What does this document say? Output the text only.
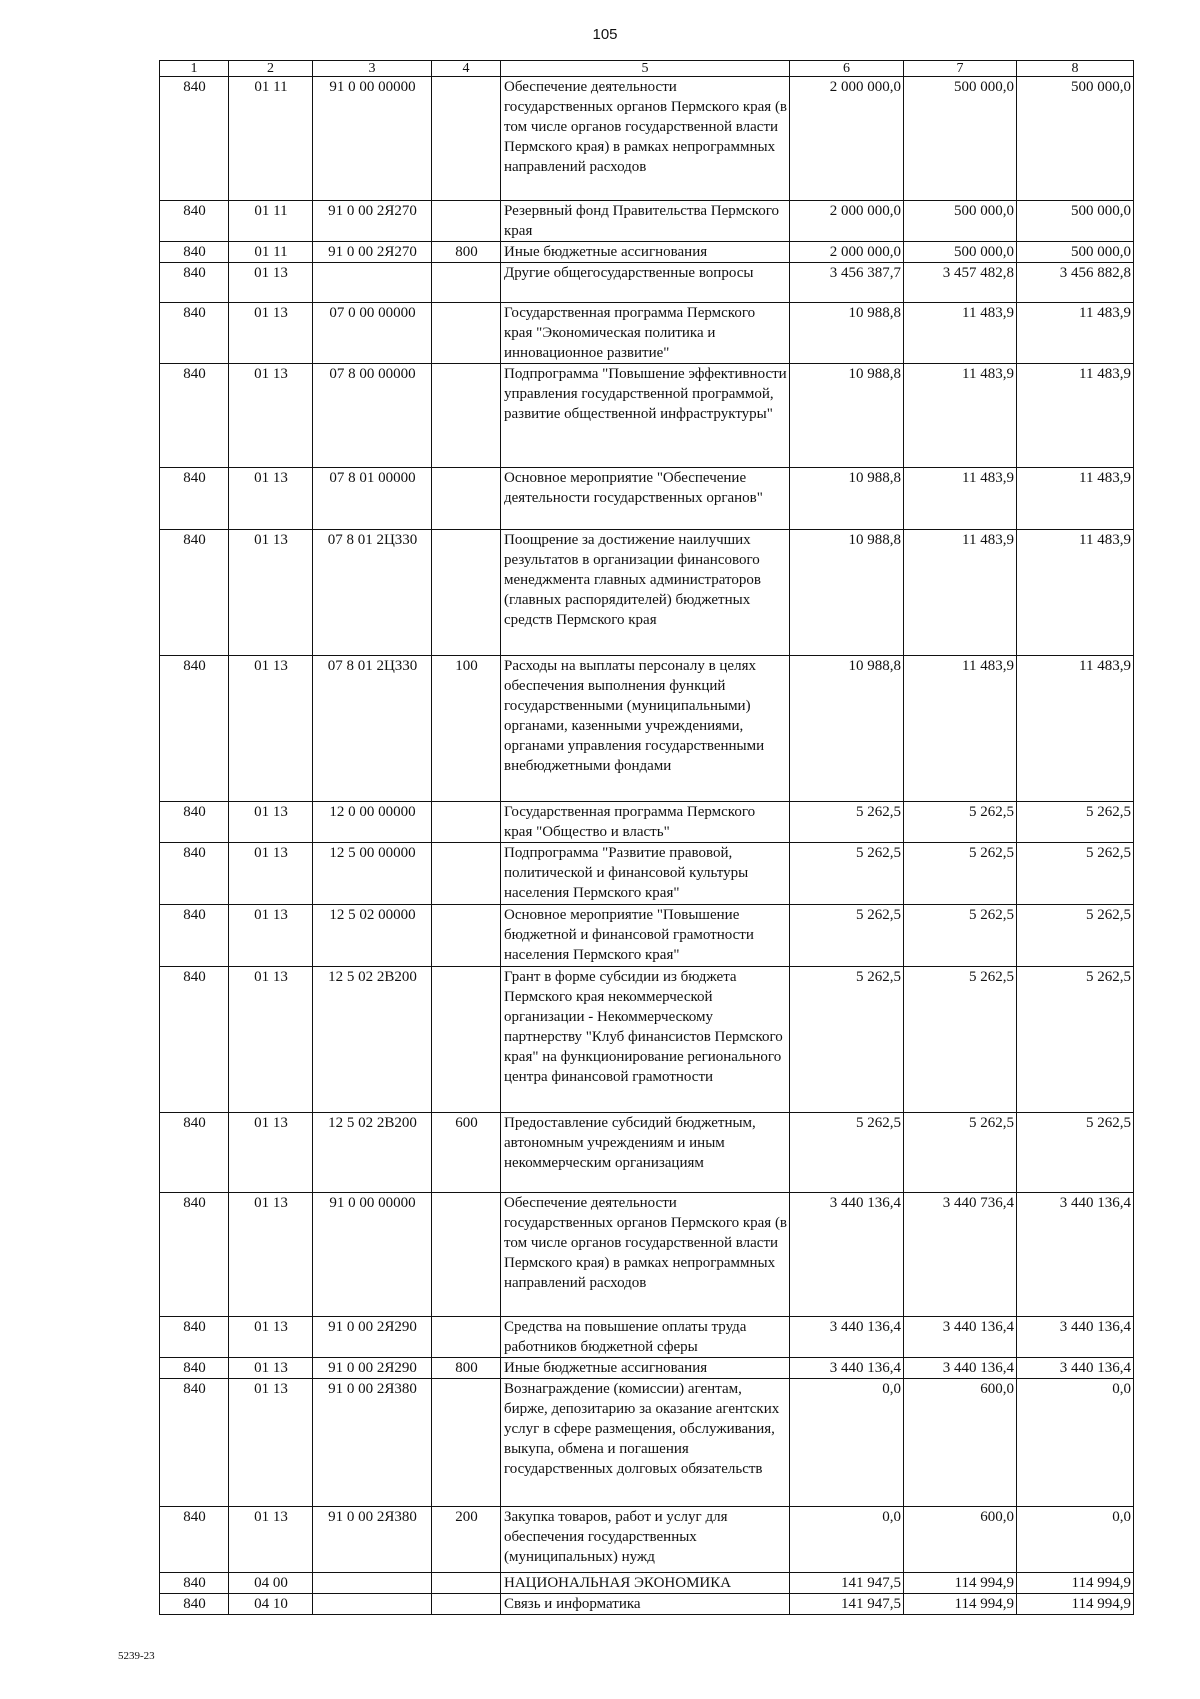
105
1	2	3	4	5	6	7	8
840	01 11	91 0 00 00000		Обеспечение деятельности государственных органов Пермского края (в том числе органов государственной власти Пермского края) в рамках непрограммных направлений расходов	2 000 000,0	500 000,0	500 000,0
840	01 11	91 0 00 2Я270		Резервный фонд Правительства Пермского края	2 000 000,0	500 000,0	500 000,0
840	01 11	91 0 00 2Я270	800	Иные бюджетные ассигнования	2 000 000,0	500 000,0	500 000,0
840	01 13			Другие общегосударственные вопросы	3 456 387,7	3 457 482,8	3 456 882,8
840	01 13	07 0 00 00000		Государственная программа Пермского края "Экономическая политика и инновационное развитие"	10 988,8	11 483,9	11 483,9
840	01 13	07 8 00 00000		Подпрограмма "Повышение эффективности управления государственной программой, развитие общественной инфраструктуры"	10 988,8	11 483,9	11 483,9
840	01 13	07 8 01 00000		Основное мероприятие "Обеспечение деятельности государственных органов"	10 988,8	11 483,9	11 483,9
840	01 13	07 8 01 2Ц330		Поощрение за достижение наилучших результатов в организации финансового менеджмента главных администраторов (главных распорядителей) бюджетных средств Пермского края	10 988,8	11 483,9	11 483,9
840	01 13	07 8 01 2Ц330	100	Расходы на выплаты персоналу в целях обеспечения выполнения функций государственными (муниципальными) органами, казенными учреждениями, органами управления государственными внебюджетными фондами	10 988,8	11 483,9	11 483,9
840	01 13	12 0 00 00000		Государственная программа Пермского края "Общество и власть"	5 262,5	5 262,5	5 262,5
840	01 13	12 5 00 00000		Подпрограмма "Развитие правовой, политической и финансовой культуры населения Пермского края"	5 262,5	5 262,5	5 262,5
840	01 13	12 5 02 00000		Основное мероприятие "Повышение бюджетной и финансовой грамотности населения Пермского края"	5 262,5	5 262,5	5 262,5
840	01 13	12 5 02 2В200		Грант в форме субсидии из бюджета Пермского края некоммерческой организации - Некоммерческому партнерству "Клуб финансистов Пермского края" на функционирование регионального центра финансовой грамотности	5 262,5	5 262,5	5 262,5
840	01 13	12 5 02 2В200	600	Предоставление субсидий бюджетным, автономным учреждениям и иным некоммерческим организациям	5 262,5	5 262,5	5 262,5
840	01 13	91 0 00 00000		Обеспечение деятельности государственных органов Пермского края (в том числе органов государственной власти Пермского края) в рамках непрограммных направлений расходов	3 440 136,4	3 440 736,4	3 440 136,4
840	01 13	91 0 00 2Я290		Средства на повышение оплаты труда работников бюджетной сферы	3 440 136,4	3 440 136,4	3 440 136,4
840	01 13	91 0 00 2Я290	800	Иные бюджетные ассигнования	3 440 136,4	3 440 136,4	3 440 136,4
840	01 13	91 0 00 2Я380		Вознаграждение (комиссии) агентам, бирже, депозитарию за оказание агентских услуг в сфере размещения, обслуживания, выкупа, обмена и погашения государственных долговых обязательств	0,0	600,0	0,0
840	01 13	91 0 00 2Я380	200	Закупка товаров, работ и услуг для обеспечения государственных (муниципальных) нужд	0,0	600,0	0,0
840	04 00			НАЦИОНАЛЬНАЯ ЭКОНОМИКА	141 947,5	114 994,9	114 994,9
840	04 10			Связь и информатика	141 947,5	114 994,9	114 994,9
5239-23
